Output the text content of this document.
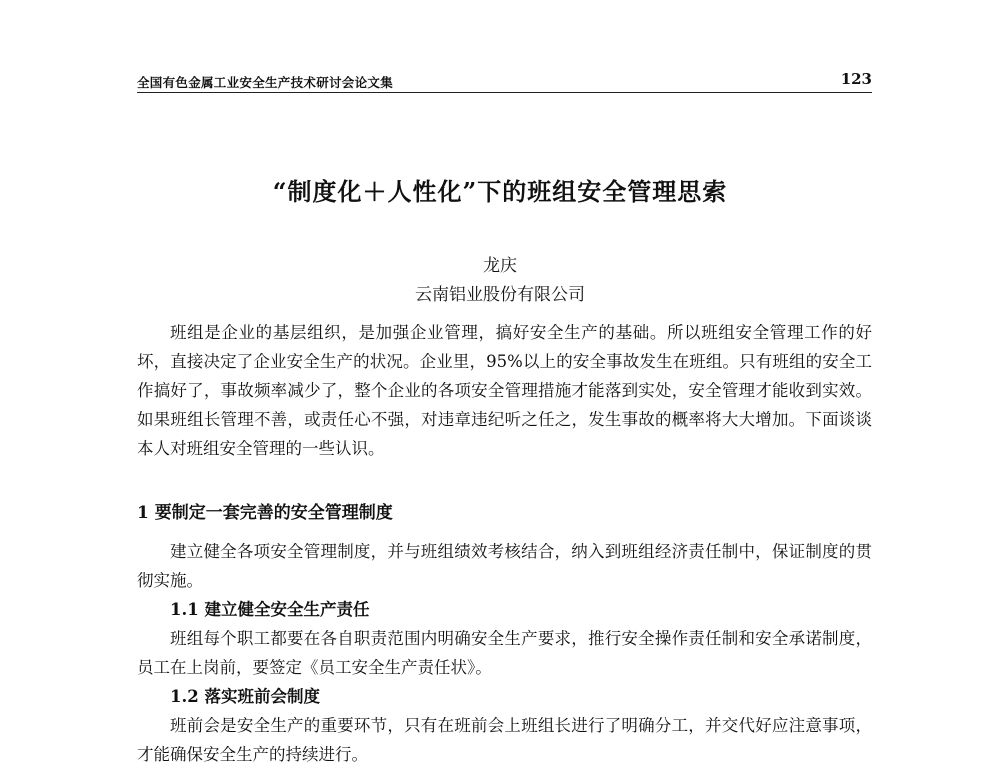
全国有色金属工业安全生产技术研讨会论文集	123
“制度化＋人性化”下的班组安全管理思索
龙庆
云南铝业股份有限公司

班组是企业的基层组织，是加强企业管理，搞好安全生产的基础。所以班组安全管理工作的好坏，直接决定了企业安全生产的状况。企业里，95%以上的安全事故发生在班组。只有班组的安全工作搞好了，事故频率减少了，整个企业的各项安全管理措施才能落到实处，安全管理才能收到实效。如果班组长管理不善，或责任心不强，对违章违纪听之任之，发生事故的概率将大大增加。下面谈谈本人对班组安全管理的一些认识。

1 要制定一套完善的安全管理制度

建立健全各项安全管理制度，并与班组绩效考核结合，纳入到班组经济责任制中，保证制度的贯彻实施。

1.1 建立健全安全生产责任

班组每个职工都要在各自职责范围内明确安全生产要求，推行安全操作责任制和安全承诺制度，员工在上岗前，要签定《员工安全生产责任状》。

1.2 落实班前会制度

班前会是安全生产的重要环节，只有在班前会上班组长进行了明确分工，并交代好应注意事项，才能确保安全生产的持续进行。
